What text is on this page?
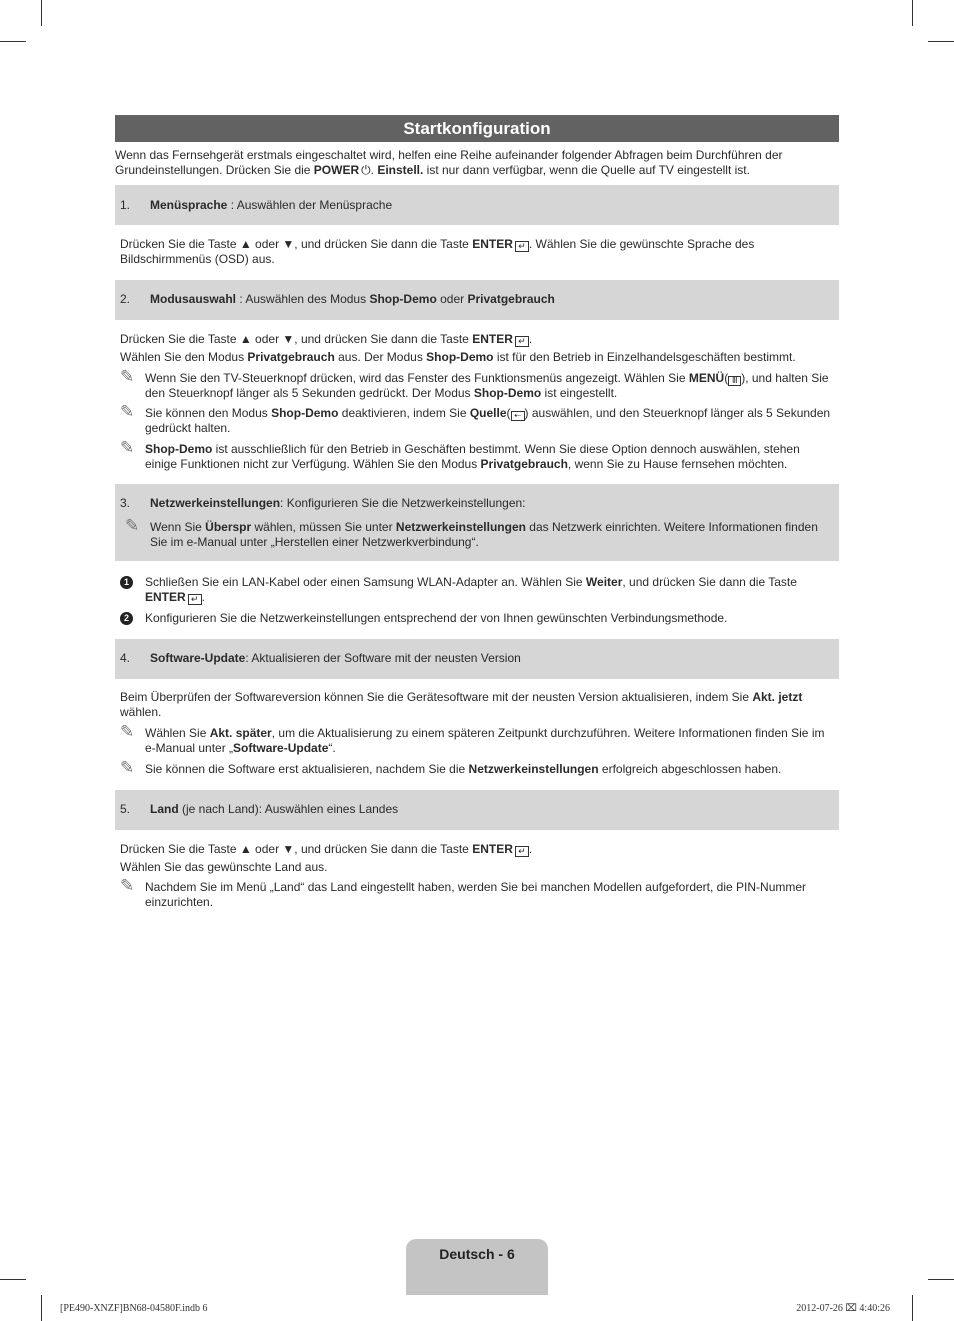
Startkonfiguration
Wenn das Fernsehgerät erstmals eingeschaltet wird, helfen eine Reihe aufeinander folgender Abfragen beim Durchführen der Grundeinstellungen. Drücken Sie die POWER ⏻. Einstell. ist nur dann verfügbar, wenn die Quelle auf TV eingestellt ist.
1. Menüsprache : Auswählen der Menüsprache
Drücken Sie die Taste ▲ oder ▼, und drücken Sie dann die Taste ENTER ↵ . Wählen Sie die gewünschte Sprache des Bildschirmmenüs (OSD) aus.
2. Modusauswahl : Auswählen des Modus Shop-Demo oder Privatgebrauch
Drücken Sie die Taste ▲ oder ▼, und drücken Sie dann die Taste ENTER ↵ .
Wählen Sie den Modus Privatgebrauch aus. Der Modus Shop-Demo ist für den Betrieb in Einzelhandelsgeschäften bestimmt.
✎ Wenn Sie den TV-Steuerknopf drücken, wird das Fenster des Funktionsmenüs angezeigt. Wählen Sie MENÜ( Ⅲ ), und halten Sie den Steuerknopf länger als 5 Sekunden gedrückt. Der Modus Shop-Demo ist eingestellt.
✎ Sie können den Modus Shop-Demo deaktivieren, indem Sie Quelle( ⇠ ) auswählen, und den Steuerknopf länger als 5 Sekunden gedrückt halten.
✎ Shop-Demo ist ausschließlich für den Betrieb in Geschäften bestimmt. Wenn Sie diese Option dennoch auswählen, stehen einige Funktionen nicht zur Verfügung. Wählen Sie den Modus Privatgebrauch, wenn Sie zu Hause fernsehen möchten.
3. Netzwerkeinstellungen: Konfigurieren Sie die Netzwerkeinstellungen:
✎ Wenn Sie Überspr wählen, müssen Sie unter Netzwerkeinstellungen das Netzwerk einrichten. Weitere Informationen finden Sie im e-Manual unter „Herstellen einer Netzwerkverbindung“.
1	Schließen Sie ein LAN-Kabel oder einen Samsung WLAN-Adapter an. Wählen Sie Weiter, und drücken Sie dann die Taste ENTER ↵ .
2	Konfigurieren Sie die Netzwerkeinstellungen entsprechend der von Ihnen gewünschten Verbindungsmethode.
4. Software-Update: Aktualisieren der Software mit der neusten Version
Beim Überprüfen der Softwareversion können Sie die Gerätesoftware mit der neusten Version aktualisieren, indem Sie Akt. jetzt wählen.
✎ Wählen Sie Akt. später, um die Aktualisierung zu einem späteren Zeitpunkt durchzuführen. Weitere Informationen finden Sie im e-Manual unter „Software-Update“.
✎ Sie können die Software erst aktualisieren, nachdem Sie die Netzwerkeinstellungen erfolgreich abgeschlossen haben.
5. Land (je nach Land): Auswählen eines Landes
Drücken Sie die Taste ▲ oder ▼, und drücken Sie dann die Taste ENTER ↵ .
Wählen Sie das gewünschte Land aus.
✎ Nachdem Sie im Menü „Land“ das Land eingestellt haben, werden Sie bei manchen Modellen aufgefordert, die PIN-Nummer einzurichten.
Deutsch - 6
[PE490-XNZF]BN68-04580F.indb 6	2012-07-26 ⌧ 4:40:26
